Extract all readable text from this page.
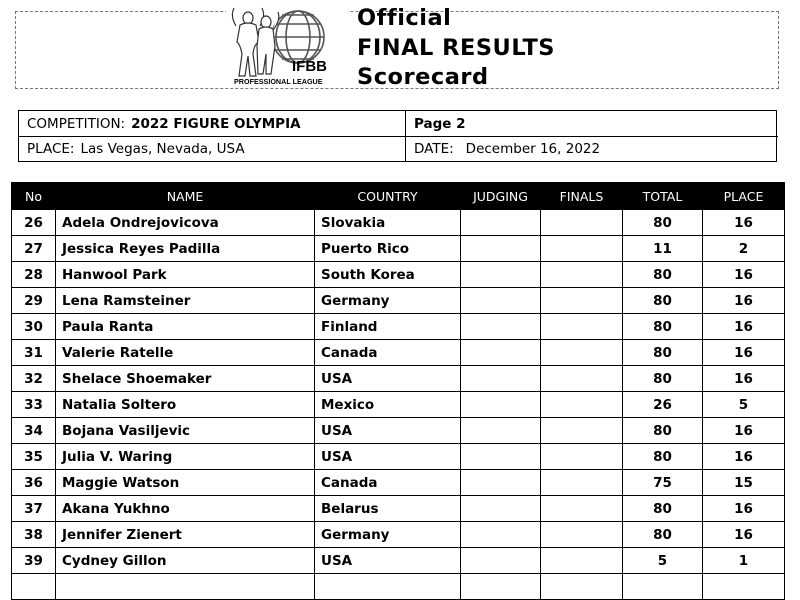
IFBB
PROFESSIONAL LEAGUE
Official
FINAL RESULTS
Scorecard
COMPETITION: 2022 FIGURE OLYMPIA	Page 2
PLACE: Las Vegas, Nevada, USA	DATE: December 16, 2022
No	NAME	COUNTRY	JUDGING	FINALS	TOTAL	PLACE
26	Adela Ondrejovicova	Slovakia			80	16
27	Jessica Reyes Padilla	Puerto Rico			11	2
28	Hanwool Park	South Korea			80	16
29	Lena Ramsteiner	Germany			80	16
30	Paula Ranta	Finland			80	16
31	Valerie Ratelle	Canada			80	16
32	Shelace Shoemaker	USA			80	16
33	Natalia Soltero	Mexico			26	5
34	Bojana Vasiljevic	USA			80	16
35	Julia V. Waring	USA			80	16
36	Maggie Watson	Canada			75	15
37	Akana Yukhno	Belarus			80	16
38	Jennifer Zienert	Germany			80	16
39	Cydney Gillon	USA			5	1
